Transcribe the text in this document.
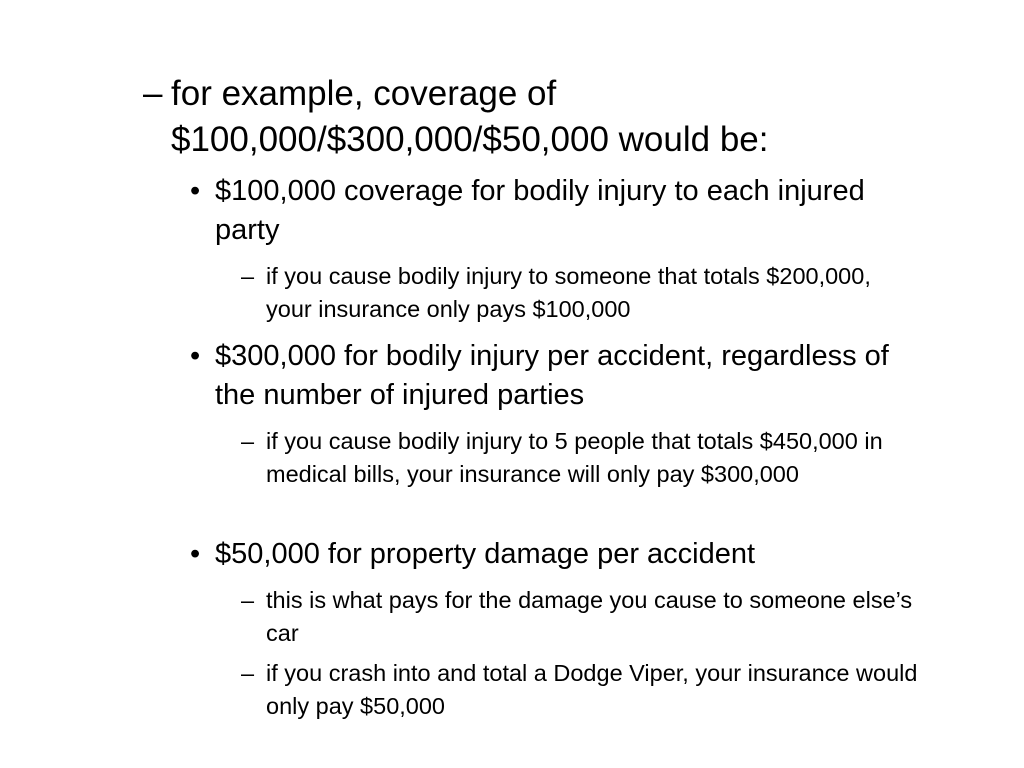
– for example, coverage of $100,000/$300,000/$50,000 would be:
• $100,000 coverage for bodily injury to each injured party
– if you cause bodily injury to someone that totals $200,000, your insurance only pays $100,000
• $300,000 for bodily injury per accident, regardless of the number of injured parties
– if you cause bodily injury to 5 people that totals $450,000 in medical bills, your insurance will only pay $300,000
• $50,000 for property damage per accident
– this is what pays for the damage you cause to someone else’s car
– if you crash into and total a Dodge Viper, your insurance would only pay $50,000
